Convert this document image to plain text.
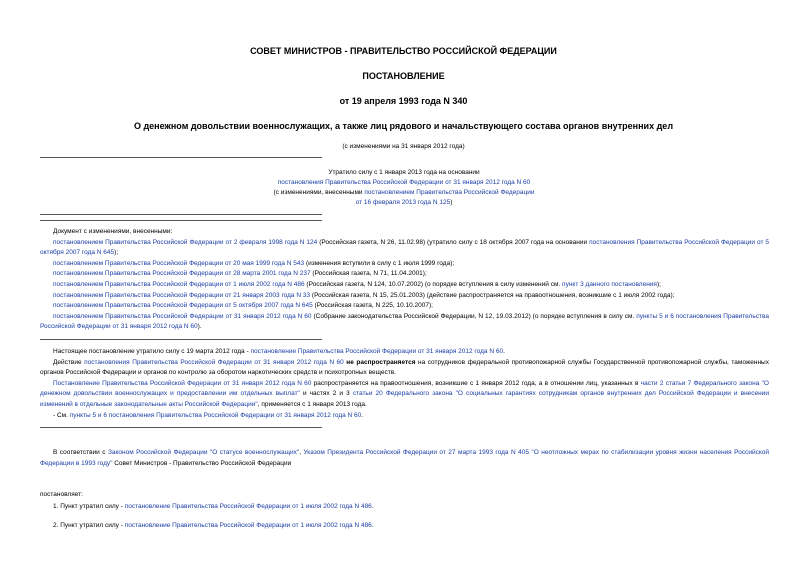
СОВЕТ МИНИСТРОВ - ПРАВИТЕЛЬСТВО РОССИЙСКОЙ ФЕДЕРАЦИИ
ПОСТАНОВЛЕНИЕ
от 19 апреля 1993 года N 340
О денежном довольствии военнослужащих, а также лиц рядового и начальствующего состава органов внутренних дел
(с изменениями на 31 января 2012 года)
Утратило силу с 1 января 2013 года на основании
постановления Правительства Российской Федерации от 31 января 2012 года N 60
(с изменениями, внесенными постановлением Правительства Российской Федерации
от 16 февраля 2013 года N 125)

Документ с изменениями, внесенными:

постановлением Правительства Российской Федерации от 2 февраля 1998 года N 124 (Российская газета, N 26, 11.02.98) (утратило силу с 18 октября 2007 года на основании постановления Правительства Российской Федерации от 5 октября 2007 года N 645);

постановлением Правительства Российской Федерации от 20 мая 1999 года N 543 (изменения вступили в силу с 1 июля 1999 года);

постановлением Правительства Российской Федерации от 28 марта 2001 года N 237 (Российская газета, N 71, 11.04.2001);

постановлением Правительства Российской Федерации от 1 июля 2002 года N 486 (Российская газета, N 124, 10.07.2002) (о порядке вступления в силу изменений см. пункт 3 данного постановления);

постановлением Правительства Российской Федерации от 21 января 2003 года N 33 (Российская газета, N 15, 25.01.2003) (действие распространяется на правоотношения, возникшие с 1 июля 2002 года);

постановлением Правительства Российской Федерации от 5 октября 2007 года N 645 (Российская газета, N 225, 10.10.2007);

постановлением Правительства Российской Федерации от 31 января 2012 года N 60 (Собрание законодательства Российской Федерации, N 12, 19.03.2012) (о порядке вступления в силу см. пункты 5 и 6 постановления Правительства Российской Федерации от 31 января 2012 года N 60).

Настоящее постановление утратило силу с 19 марта 2012 года - постановление Правительства Российской Федерации от 31 января 2012 года N 60.

Действие постановления Правительства Российской Федерации от 31 января 2012 года N 60 не распространяется на сотрудников федеральной противопожарной службы Государственной противопожарной службы, таможенных органов Российской Федерации и органов по контролю за оборотом наркотических средств и психотропных веществ.

Постановление Правительства Российской Федерации от 31 января 2012 года N 60 распространяется на правоотношения, возникшие с 1 января 2012 года, а в отношении лиц, указанных в части 2 статьи 7 Федерального закона "О денежном довольствии военнослужащих и предоставлении им отдельных выплат" и частях 2 и 3 статьи 20 Федерального закона "О социальных гарантиях сотрудникам органов внутренних дел Российской Федерации и внесении изменений в отдельные законодательные акты Российской Федерации", применяется с 1 января 2013 года.

- См. пункты 5 и 6 постановления Правительства Российской Федерации от 31 января 2012 года N 60.

В соответствии с Законом Российской Федерации "О статусе военнослужащих", Указом Президента Российской Федерации от 27 марта 1993 года N 405 "О неотложных мерах по стабилизации уровня жизни населения Российской Федерации в 1993 году" Совет Министров - Правительство Российской Федерации

постановляет:
1. Пункт утратил силу - постановление Правительства Российской Федерации от 1 июля 2002 года N 486.
2. Пункт утратил силу - постановление Правительства Российской Федерации от 1 июля 2002 года N 486.
